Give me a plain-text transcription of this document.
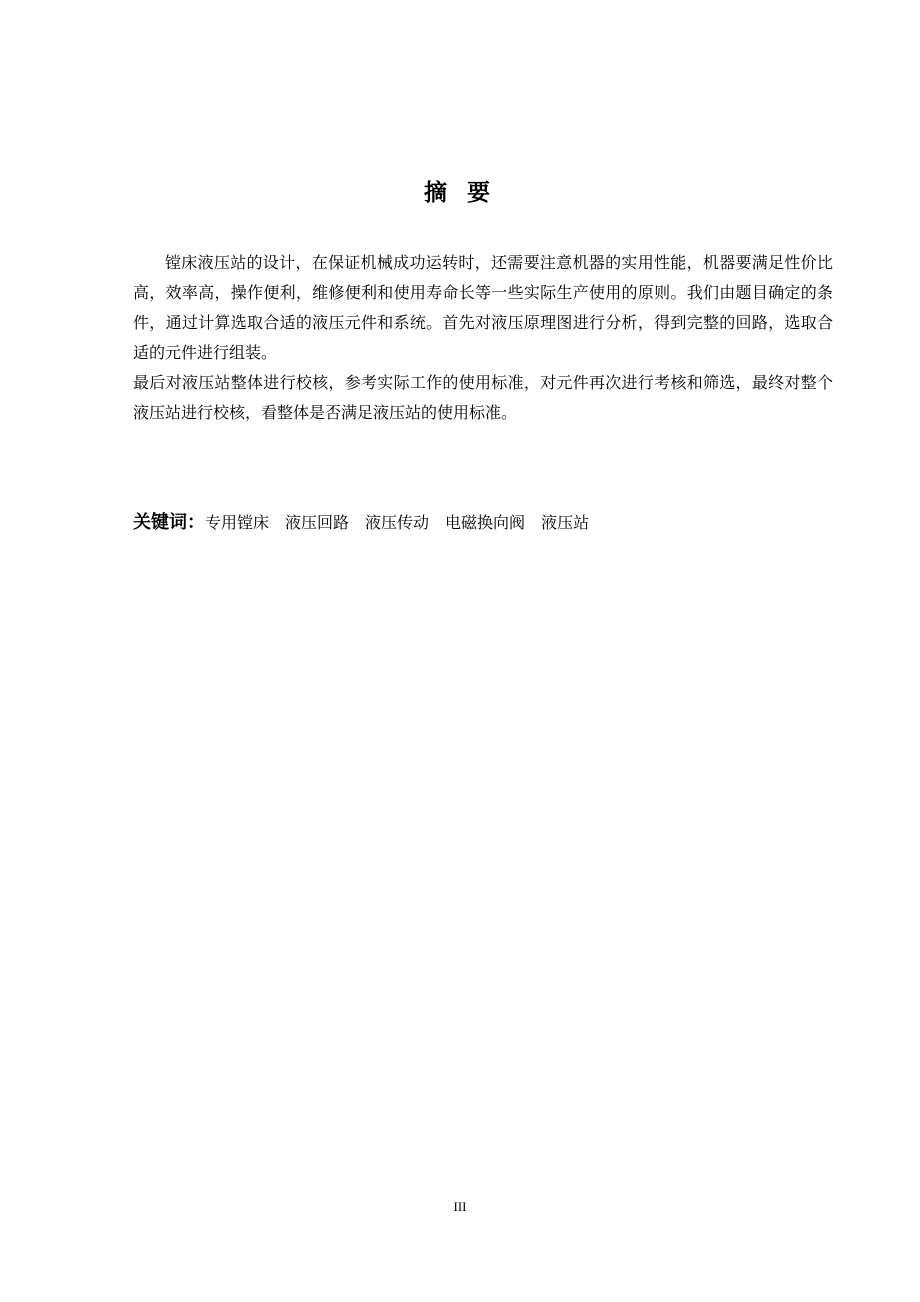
摘 要

镗床液压站的设计，在保证机械成功运转时，还需要注意机器的实用性能，机器要满足性价比高，效率高，操作便利，维修便利和使用寿命长等一些实际生产使用的原则。我们由题目确定的条件，通过计算选取合适的液压元件和系统。首先对液压原理图进行分析，得到完整的回路，选取合适的元件进行组装。

最后对液压站整体进行校核，参考实际工作的使用标准，对元件再次进行考核和筛选，最终对整个液压站进行校核，看整体是否满足液压站的使用标准。

关键词：专用镗床 液压回路 液压传动 电磁换向阀 液压站
III
